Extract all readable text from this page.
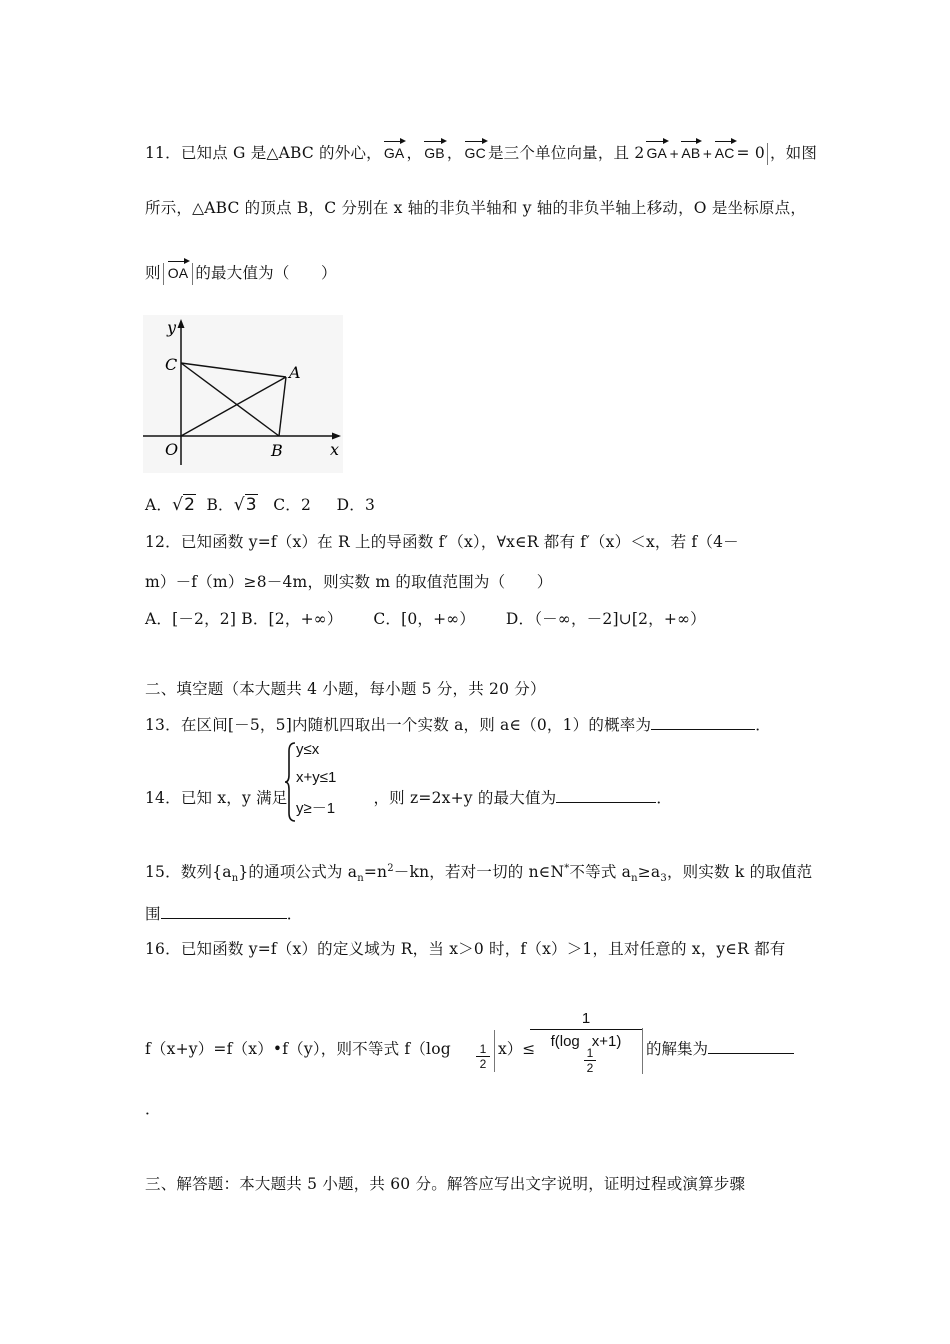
11．已知点 G 是△ABC 的外心， GA ， GB ， GC 是三个单位向量，且 2 GA + AB + AC = 0 ，如图
所示，△ABC 的顶点 B，C 分别在 x 轴的非负半轴和 y 轴的非负半轴上移动，O 是坐标原点，
则 OA 的最大值为（　　）
y
C	A
O	B	x
A．√2 B．√3 C．2 D．3
12．已知函数 y=f（x）在 R 上的导函数 f′（x），∀x∈R 都有 f′（x）＜x，若 f（4－
m）－f（m）≥8－4m，则实数 m 的取值范围为（　　）
A．[－2，2] B．[2，+∞） C．[0，+∞） D．（－∞，－2]∪[2，+∞）
二、填空题（本大题共 4 小题，每小题 5 分，共 20 分）
13．在区间[－5，5]内随机四取出一个实数 a，则 a∈（0，1）的概率为	．
14．已知 x，y 满足	，则 z=2x+y 的最大值为	．
y≤x
x+y≤1
y≥－1
15．数列$\{a_n\}$的通项公式为 $a_n=n^2-kn$，若对一切的 n∈N*不等式 $a_n\ge a_3$，则实数 k 的取值范
围	．
16．已知函数 y=f（x）的定义域为 R，当 x＞0 时，f（x）＞1，且对任意的 x，y∈R 都有
f（x+y）=f（x）•f（y），则不等式 $f(\log \frac{1}{2} x)\le$
$\frac{1}{\text{f(log x+1)}}$
$\frac{1}{2}$	的解集为
．
三、解答题：本大题共 5 小题，共 60 分。解答应写出文字说明，证明过程或演算步骤
